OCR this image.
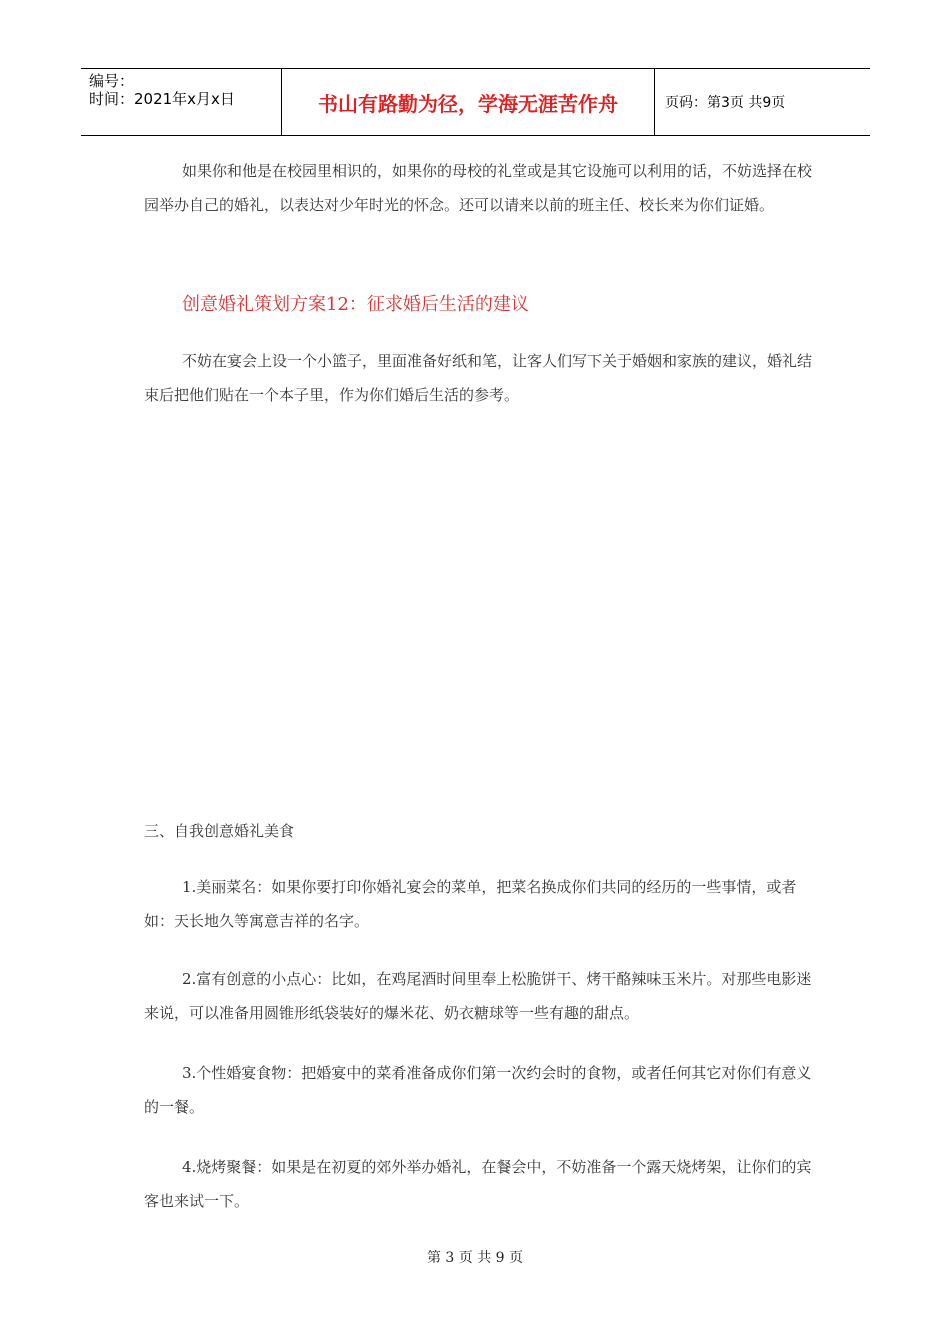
编号：
时间：2021年x月x日	书山有路勤为径，学海无涯苦作舟	页码：第3页 共9页

如果你和他是在校园里相识的，如果你的母校的礼堂或是其它设施可以利用的话，不妨选择在校园举办自己的婚礼，以表达对少年时光的怀念。还可以请来以前的班主任、校长来为你们证婚。

创意婚礼策划方案12：征求婚后生活的建议

不妨在宴会上设一个小篮子，里面准备好纸和笔，让客人们写下关于婚姻和家族的建议，婚礼结束后把他们贴在一个本子里，作为你们婚后生活的参考。

三、自我创意婚礼美食

1.美丽菜名：如果你要打印你婚礼宴会的菜单，把菜名换成你们共同的经历的一些事情，或者如：天长地久等寓意吉祥的名字。

2.富有创意的小点心：比如，在鸡尾酒时间里奉上松脆饼干、烤干酪辣味玉米片。对那些电影迷来说，可以准备用圆锥形纸袋装好的爆米花、奶衣糖球等一些有趣的甜点。

3.个性婚宴食物：把婚宴中的菜肴准备成你们第一次约会时的食物，或者任何其它对你们有意义的一餐。

4.烧烤聚餐：如果是在初夏的郊外举办婚礼，在餐会中，不妨准备一个露天烧烤架，让你们的宾客也来试一下。

第 3 页 共 9 页
